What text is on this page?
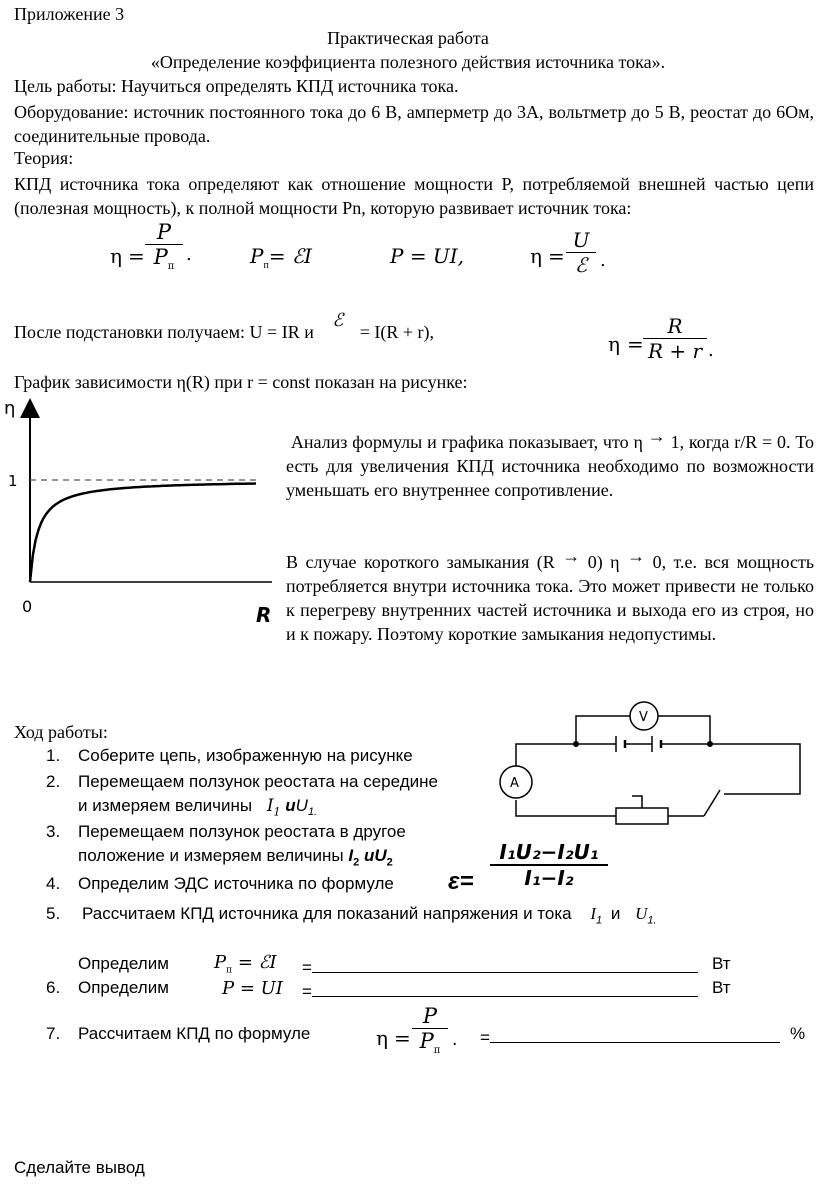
Приложение 3
Практическая работа
«Определение коэффициента полезного действия источника тока».
Цель работы: Научиться определять КПД источника тока.
Оборудование: источник постоянного тока до 6 В, амперметр до 3А, вольтметр до 5 В, реостат до 6Ом, соединительные провода.
Теория:
КПД источника тока определяют как отношение мощности P, потребляемой внешней частью цепи (полезная мощность), к полной мощности Pn, которую развивает источник тока:
η =
P
$P_п$
.	$P_п=$ ℰI	P = UI,	η =
U
ℰ .
После подстановки получаем: U = IR и ℰ = I(R + r),	η =
R
R + r .
График зависимости η(R) при r = const показан на рисунке:
η
1
0	R
Анализ формулы и графика показывает, что η → 1, когда r/R = 0. То есть для увеличения КПД источника необходимо по возможности уменьшать его внутреннее сопротивление.
В случае короткого замыкания (R → 0) η → 0, т.е. вся мощность потребляется внутри источника тока. Это может привести не только к перегреву внутренних частей источника и выхода его из строя, но и к пожару. Поэтому короткие замыкания недопустимы.
Ход работы:
1. Соберите цепь, изображенную на рисунке
2. Перемещаем ползунок реостата на середине
и измеряем величины $I_1$ $иU_{1.}$
3. Перемещаем ползунок реостата в другое
положение и измеряем величины $I_2$ $иU_2$
4. Определим ЭДС источника по формуле ε=
I₁U₂−I₂U₁
I₁−I₂
5. Рассчитаем КПД источника для показаний напряжения и тока $I_1$ и $U_{1.}$
Определим	$P_п$ = ℰI =	Вт
6. Определим	P = UI =	Вт
7. Рассчитаем КПД по формуле	η =
P
$P_п$
. =	%
Сделайте вывод
V
A
